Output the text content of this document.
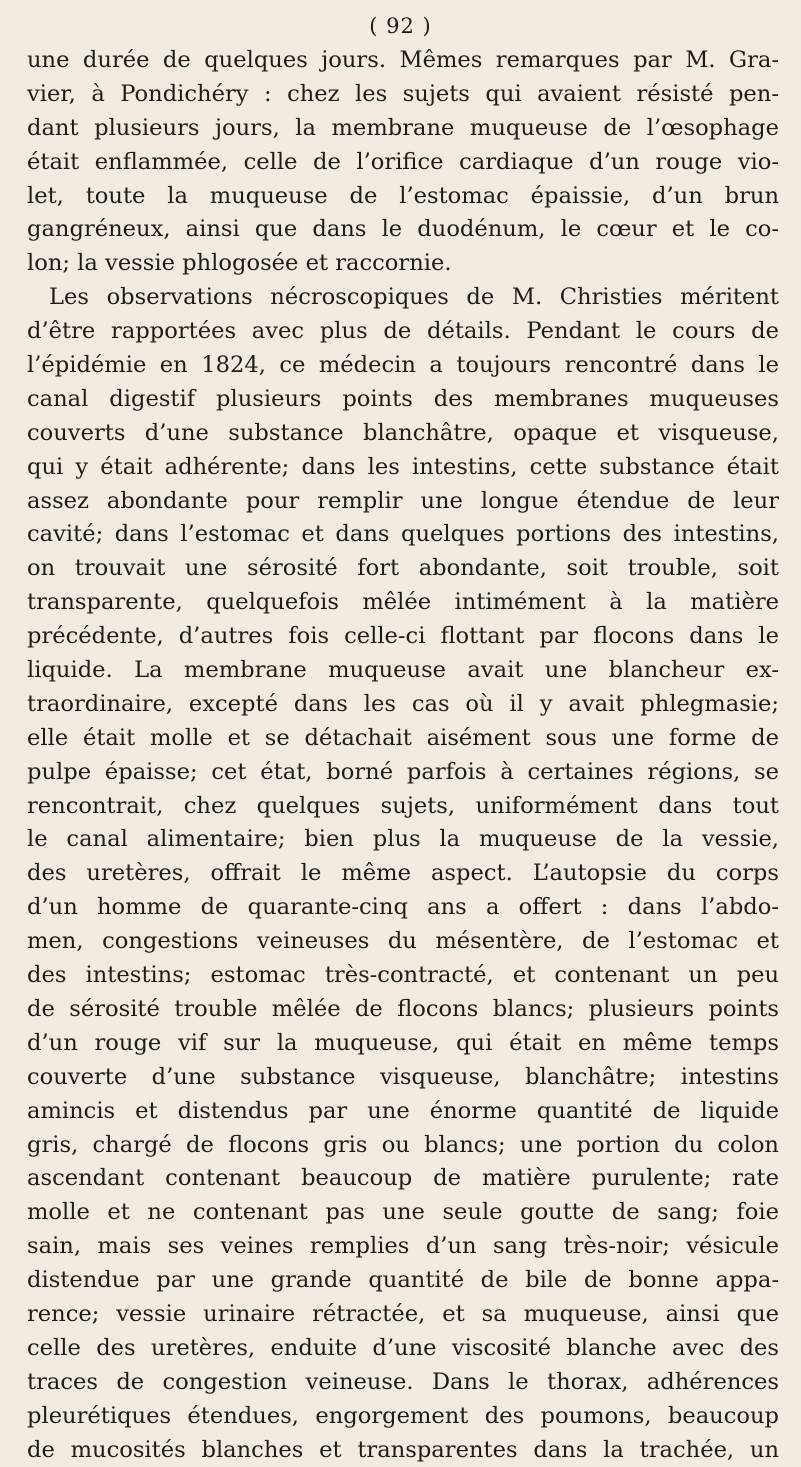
( 92 )
une durée de quelques jours. Mêmes remarques par M. Gra-
vier, à Pondichéry : chez les sujets qui avaient résisté pen-
dant plusieurs jours, la membrane muqueuse de l’œsophage
était enflammée, celle de l’orifice cardiaque d’un rouge vio-
let, toute la muqueuse de l’estomac épaissie, d’un brun
gangréneux, ainsi que dans le duodénum, le cœur et le co-
lon; la vessie phlogosée et raccornie.
Les observations nécroscopiques de M. Christies méritent
d’être rapportées avec plus de détails. Pendant le cours de
l’épidémie en 1824, ce médecin a toujours rencontré dans le
canal digestif plusieurs points des membranes muqueuses
couverts d’une substance blanchâtre, opaque et visqueuse,
qui y était adhérente; dans les intestins, cette substance était
assez abondante pour remplir une longue étendue de leur
cavité; dans l’estomac et dans quelques portions des intestins,
on trouvait une sérosité fort abondante, soit trouble, soit
transparente, quelquefois mêlée intimément à la matière
précédente, d’autres fois celle-ci flottant par flocons dans le
liquide. La membrane muqueuse avait une blancheur ex-
traordinaire, excepté dans les cas où il y avait phlegmasie;
elle était molle et se détachait aisément sous une forme de
pulpe épaisse; cet état, borné parfois à certaines régions, se
rencontrait, chez quelques sujets, uniformément dans tout
le canal alimentaire; bien plus la muqueuse de la vessie,
des uretères, offrait le même aspect. L’autopsie du corps
d’un homme de quarante-cinq ans a offert : dans l’abdo-
men, congestions veineuses du mésentère, de l’estomac et
des intestins; estomac très-contracté, et contenant un peu
de sérosité trouble mêlée de flocons blancs; plusieurs points
d’un rouge vif sur la muqueuse, qui était en même temps
couverte d’une substance visqueuse, blanchâtre; intestins
amincis et distendus par une énorme quantité de liquide
gris, chargé de flocons gris ou blancs; une portion du colon
ascendant contenant beaucoup de matière purulente; rate
molle et ne contenant pas une seule goutte de sang; foie
sain, mais ses veines remplies d’un sang très-noir; vésicule
distendue par une grande quantité de bile de bonne appa-
rence; vessie urinaire rétractée, et sa muqueuse, ainsi que
celle des uretères, enduite d’une viscosité blanche avec des
traces de congestion veineuse. Dans le thorax, adhérences
pleurétiques étendues, engorgement des poumons, beaucoup
de mucosités blanches et transparentes dans la trachée, un
